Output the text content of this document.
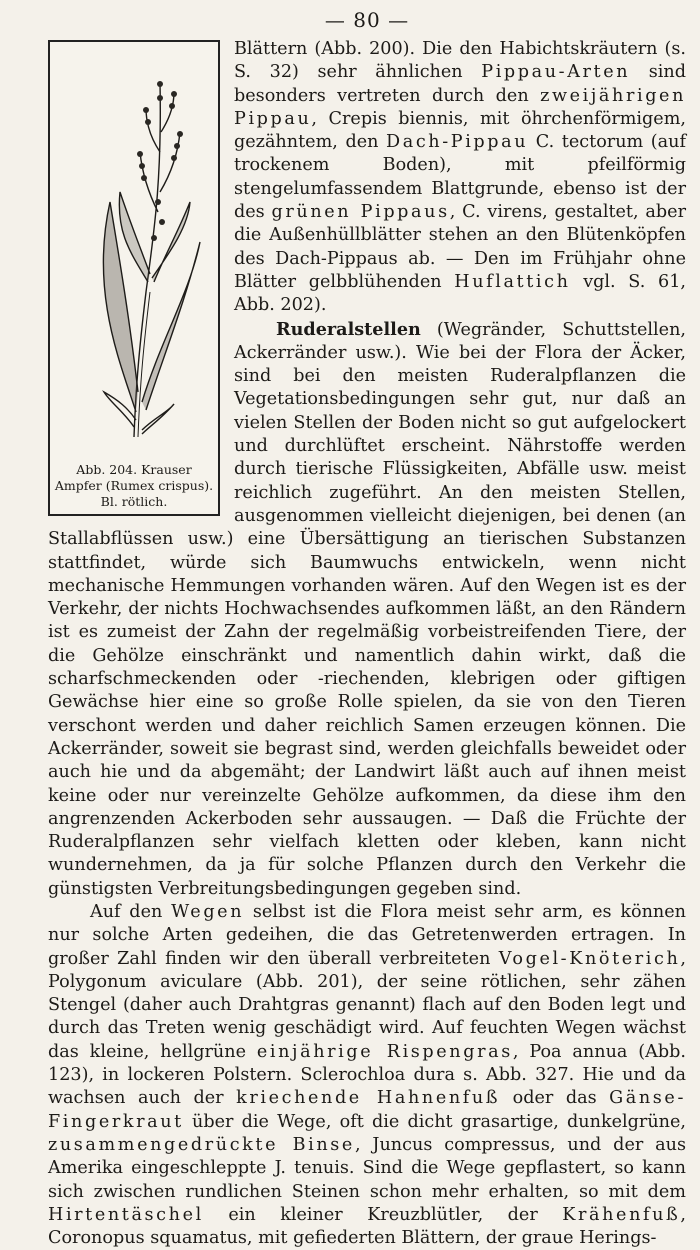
— 80 —
Abb. 204. Krauser Ampfer (Rumex crispus). Bl. rötlich.

Blättern (Abb. 200). Die den Habichtskräutern (s. S. 32) sehr ähnlichen Pippau-Arten sind besonders vertreten durch den zweijährigen Pippau, Crepis biennis, mit öhrchenförmigem, gezähntem, den Dach-Pippau C. tectorum (auf trockenem Boden), mit pfeilförmig stengelumfassendem Blattgrunde, ebenso ist der des grünen Pippaus, C. virens, gestaltet, aber die Außenhüllblätter stehen an den Blütenköpfen des Dach-Pippaus ab. — Den im Frühjahr ohne Blätter gelbblühenden Huflattich vgl. S. 61, Abb. 202).

Ruderalstellen (Wegränder, Schuttstellen, Ackerränder usw.). Wie bei der Flora der Äcker, sind bei den meisten Ruderalpflanzen die Vegetationsbedingungen sehr gut, nur daß an vielen Stellen der Boden nicht so gut aufgelockert und durchlüftet erscheint. Nährstoffe werden durch tierische Flüssigkeiten, Abfälle usw. meist reichlich zugeführt. An den meisten Stellen, ausgenommen vielleicht diejenigen, bei denen (an Stallabflüssen usw.) eine Übersättigung an tierischen Substanzen stattfindet, würde sich Baumwuchs entwickeln, wenn nicht mechanische Hemmungen vorhanden wären. Auf den Wegen ist es der Verkehr, der nichts Hochwachsendes aufkommen läßt, an den Rändern ist es zumeist der Zahn der regelmäßig vorbeistreifenden Tiere, der die Gehölze einschränkt und namentlich dahin wirkt, daß die scharfschmeckenden oder -riechenden, klebrigen oder giftigen Gewächse hier eine so große Rolle spielen, da sie von den Tieren verschont werden und daher reichlich Samen erzeugen können. Die Ackerränder, soweit sie begrast sind, werden gleichfalls beweidet oder auch hie und da abgemäht; der Landwirt läßt auch auf ihnen meist keine oder nur vereinzelte Gehölze aufkommen, da diese ihm den angrenzenden Ackerboden sehr aussaugen. — Daß die Früchte der Ruderalpflanzen sehr vielfach kletten oder kleben, kann nicht wundernehmen, da ja für solche Pflanzen durch den Verkehr die günstigsten Verbreitungsbedingungen gegeben sind.

Auf den Wegen selbst ist die Flora meist sehr arm, es können nur solche Arten gedeihen, die das Getretenwerden ertragen. In großer Zahl finden wir den überall verbreiteten Vogel-Knöterich, Polygonum aviculare (Abb. 201), der seine rötlichen, sehr zähen Stengel (daher auch Drahtgras genannt) flach auf den Boden legt und durch das Treten wenig geschädigt wird. Auf feuchten Wegen wächst das kleine, hellgrüne einjährige Rispengras, Poa annua (Abb. 123), in lockeren Polstern. Sclerochloa dura s. Abb. 327. Hie und da wachsen auch der kriechende Hahnenfuß oder das Gänse-Fingerkraut über die Wege, oft die dicht grasartige, dunkelgrüne, zusammengedrückte Binse, Juncus compressus, und der aus Amerika eingeschleppte J. tenuis. Sind die Wege gepflastert, so kann sich zwischen rundlichen Steinen schon mehr erhalten, so mit dem Hirtentäschel ein kleiner Kreuzblütler, der Krähenfuß, Coronopus squamatus, mit gefiederten Blättern, der graue Herings-
